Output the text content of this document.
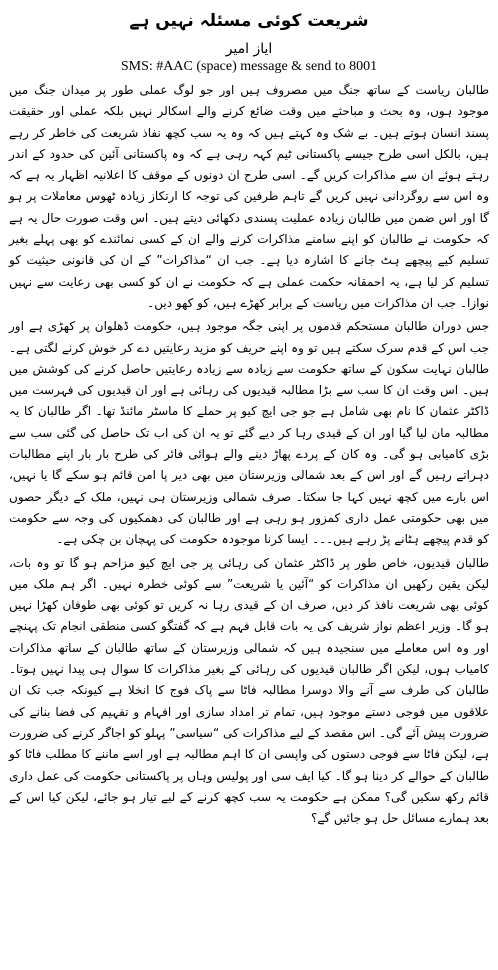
شریعت کوئی مسئلہ نہیں ہے
ایاز امیر
SMS: #AAC (space) message & send to 8001

طالبان ریاست کے ساتھ جنگ میں مصروف ہیں اور جو لوگ عملی طور پر میدان جنگ میں موجود ہوں، وہ بحث و مباحثے میں وقت ضائع کرنے والے اسکالر نہیں بلکہ عملی اور حقیقت پسند انسان ہوتے ہیں۔ بے شک وہ کہتے ہیں کہ وہ یہ سب کچھ نفاذ شریعت کی خاطر کر رہے ہیں، بالکل اسی طرح جیسے پاکستانی ٹیم کہہ رہی ہے کہ وہ پاکستانی آئین کی حدود کے اندر رہتے ہوئے ان سے مذاکرات کریں گے۔ اسی طرح ان دونوں کے موقف کا اعلانیہ اظہار یہ ہے کہ وہ اس سے روگردانی نہیں کریں گے تاہم طرفین کی توجہ کا ارتکاز زیادہ ٹھوس معاملات پر ہو گا اور اس ضمن میں طالبان زیادہ عملیت پسندی دکھائی دیتے ہیں۔ اس وقت صورت حال یہ ہے کہ حکومت نے طالبان کو اپنے سامنے مذاکرات کرنے والے ان کے کسی نمائندے کو بھی پہلے بغیر تسلیم کیے پیچھے ہٹ جانے کا اشارہ دیا ہے۔ جب ان “مذاکرات” کے ان کی قانونی حیثیت کو تسلیم کر لیا ہے، یہ احمقانہ حکمت عملی ہے کہ حکومت نے ان کو کسی بھی رعایت سے نہیں نوازا۔ جب ان مذاکرات میں ریاست کے برابر کھڑے ہیں، کو کھو دیں۔

جس دوران طالبان مستحکم قدموں پر اپنی جگہ موجود ہیں، حکومت ڈھلوان پر کھڑی ہے اور جب اس کے قدم سرک سکتے ہیں تو وہ اپنے حریف کو مزید رعایتیں دے کر خوش کرنے لگتی ہے۔ طالبان نہایت سکون کے ساتھ حکومت سے زیادہ سے زیادہ رعایتیں حاصل کرنے کی کوشش میں ہیں۔ اس وقت ان کا سب سے بڑا مطالبہ قیدیوں کی رہائی ہے اور ان قیدیوں کی فہرست میں ڈاکٹر عثمان کا نام بھی شامل ہے جو جی ایچ کیو پر حملے کا ماسٹر مائنڈ تھا۔ اگر طالبان کا یہ مطالبہ مان لیا گیا اور ان کے قیدی رہا کر دیے گئے تو یہ ان کی اب تک حاصل کی گئی سب سے بڑی کامیابی ہو گی۔ وہ کان کے پردے پھاڑ دینے والے ہوائی فائر کی طرح بار بار اپنے مطالبات دہراتے رہیں گے اور اس کے بعد شمالی وزیرستان میں بھی دیر پا امن قائم ہو سکے گا یا نہیں، اس بارے میں کچھ نہیں کہا جا سکتا۔ صرف شمالی وزیرستان ہی نہیں، ملک کے دیگر حصوں میں بھی حکومتی عمل داری کمزور ہو رہی ہے اور طالبان کی دھمکیوں کی وجہ سے حکومت کو قدم پیچھے ہٹانے پڑ رہے ہیں۔۔۔ ایسا کرنا موجودہ حکومت کی پہچان بن چکی ہے۔

طالبان قیدیوں، خاص طور پر ڈاکٹر عثمان کی رہائی پر جی ایچ کیو مزاحم ہو گا تو وہ بات، لیکن یقین رکھیں ان مذاکرات کو “آئین یا شریعت” سے کوئی خطرہ نہیں۔ اگر ہم ملک میں کوئی بھی شریعت نافذ کر دیں، صرف ان کے قیدی رہا نہ کریں تو کوئی بھی طوفان کھڑا نہیں ہو گا۔ وزیر اعظم نواز شریف کی یہ بات قابل فہم ہے کہ گفتگو کسی منطقی انجام تک پہنچے اور وہ اس معاملے میں سنجیدہ ہیں کہ شمالی وزیرستان کے ساتھ طالبان کے ساتھ مذاکرات کامیاب ہوں، لیکن اگر طالبان قیدیوں کی رہائی کے بغیر مذاکرات کا سوال ہی پیدا نہیں ہوتا۔ طالبان کی طرف سے آنے والا دوسرا مطالبہ فاٹا سے پاک فوج کا انخلا ہے کیونکہ جب تک ان علاقوں میں فوجی دستے موجود ہیں، تمام تر امداد سازی اور افہام و تفہیم کی فضا بنانے کی ضرورت پیش آئے گی۔ اس مقصد کے لیے مذاکرات کی “سیاسی” پہلو کو اجاگر کرنے کی ضرورت ہے، لیکن فاٹا سے فوجی دستوں کی واپسی ان کا اہم مطالبہ ہے اور اسے ماننے کا مطلب فاٹا کو طالبان کے حوالے کر دینا ہو گا۔ کیا ایف سی اور پولیس وہاں پر پاکستانی حکومت کی عمل داری قائم رکھ سکیں گی؟ ممکن ہے حکومت یہ سب کچھ کرنے کے لیے تیار ہو جائے، لیکن کیا اس کے بعد ہمارے مسائل حل ہو جائیں گے؟
